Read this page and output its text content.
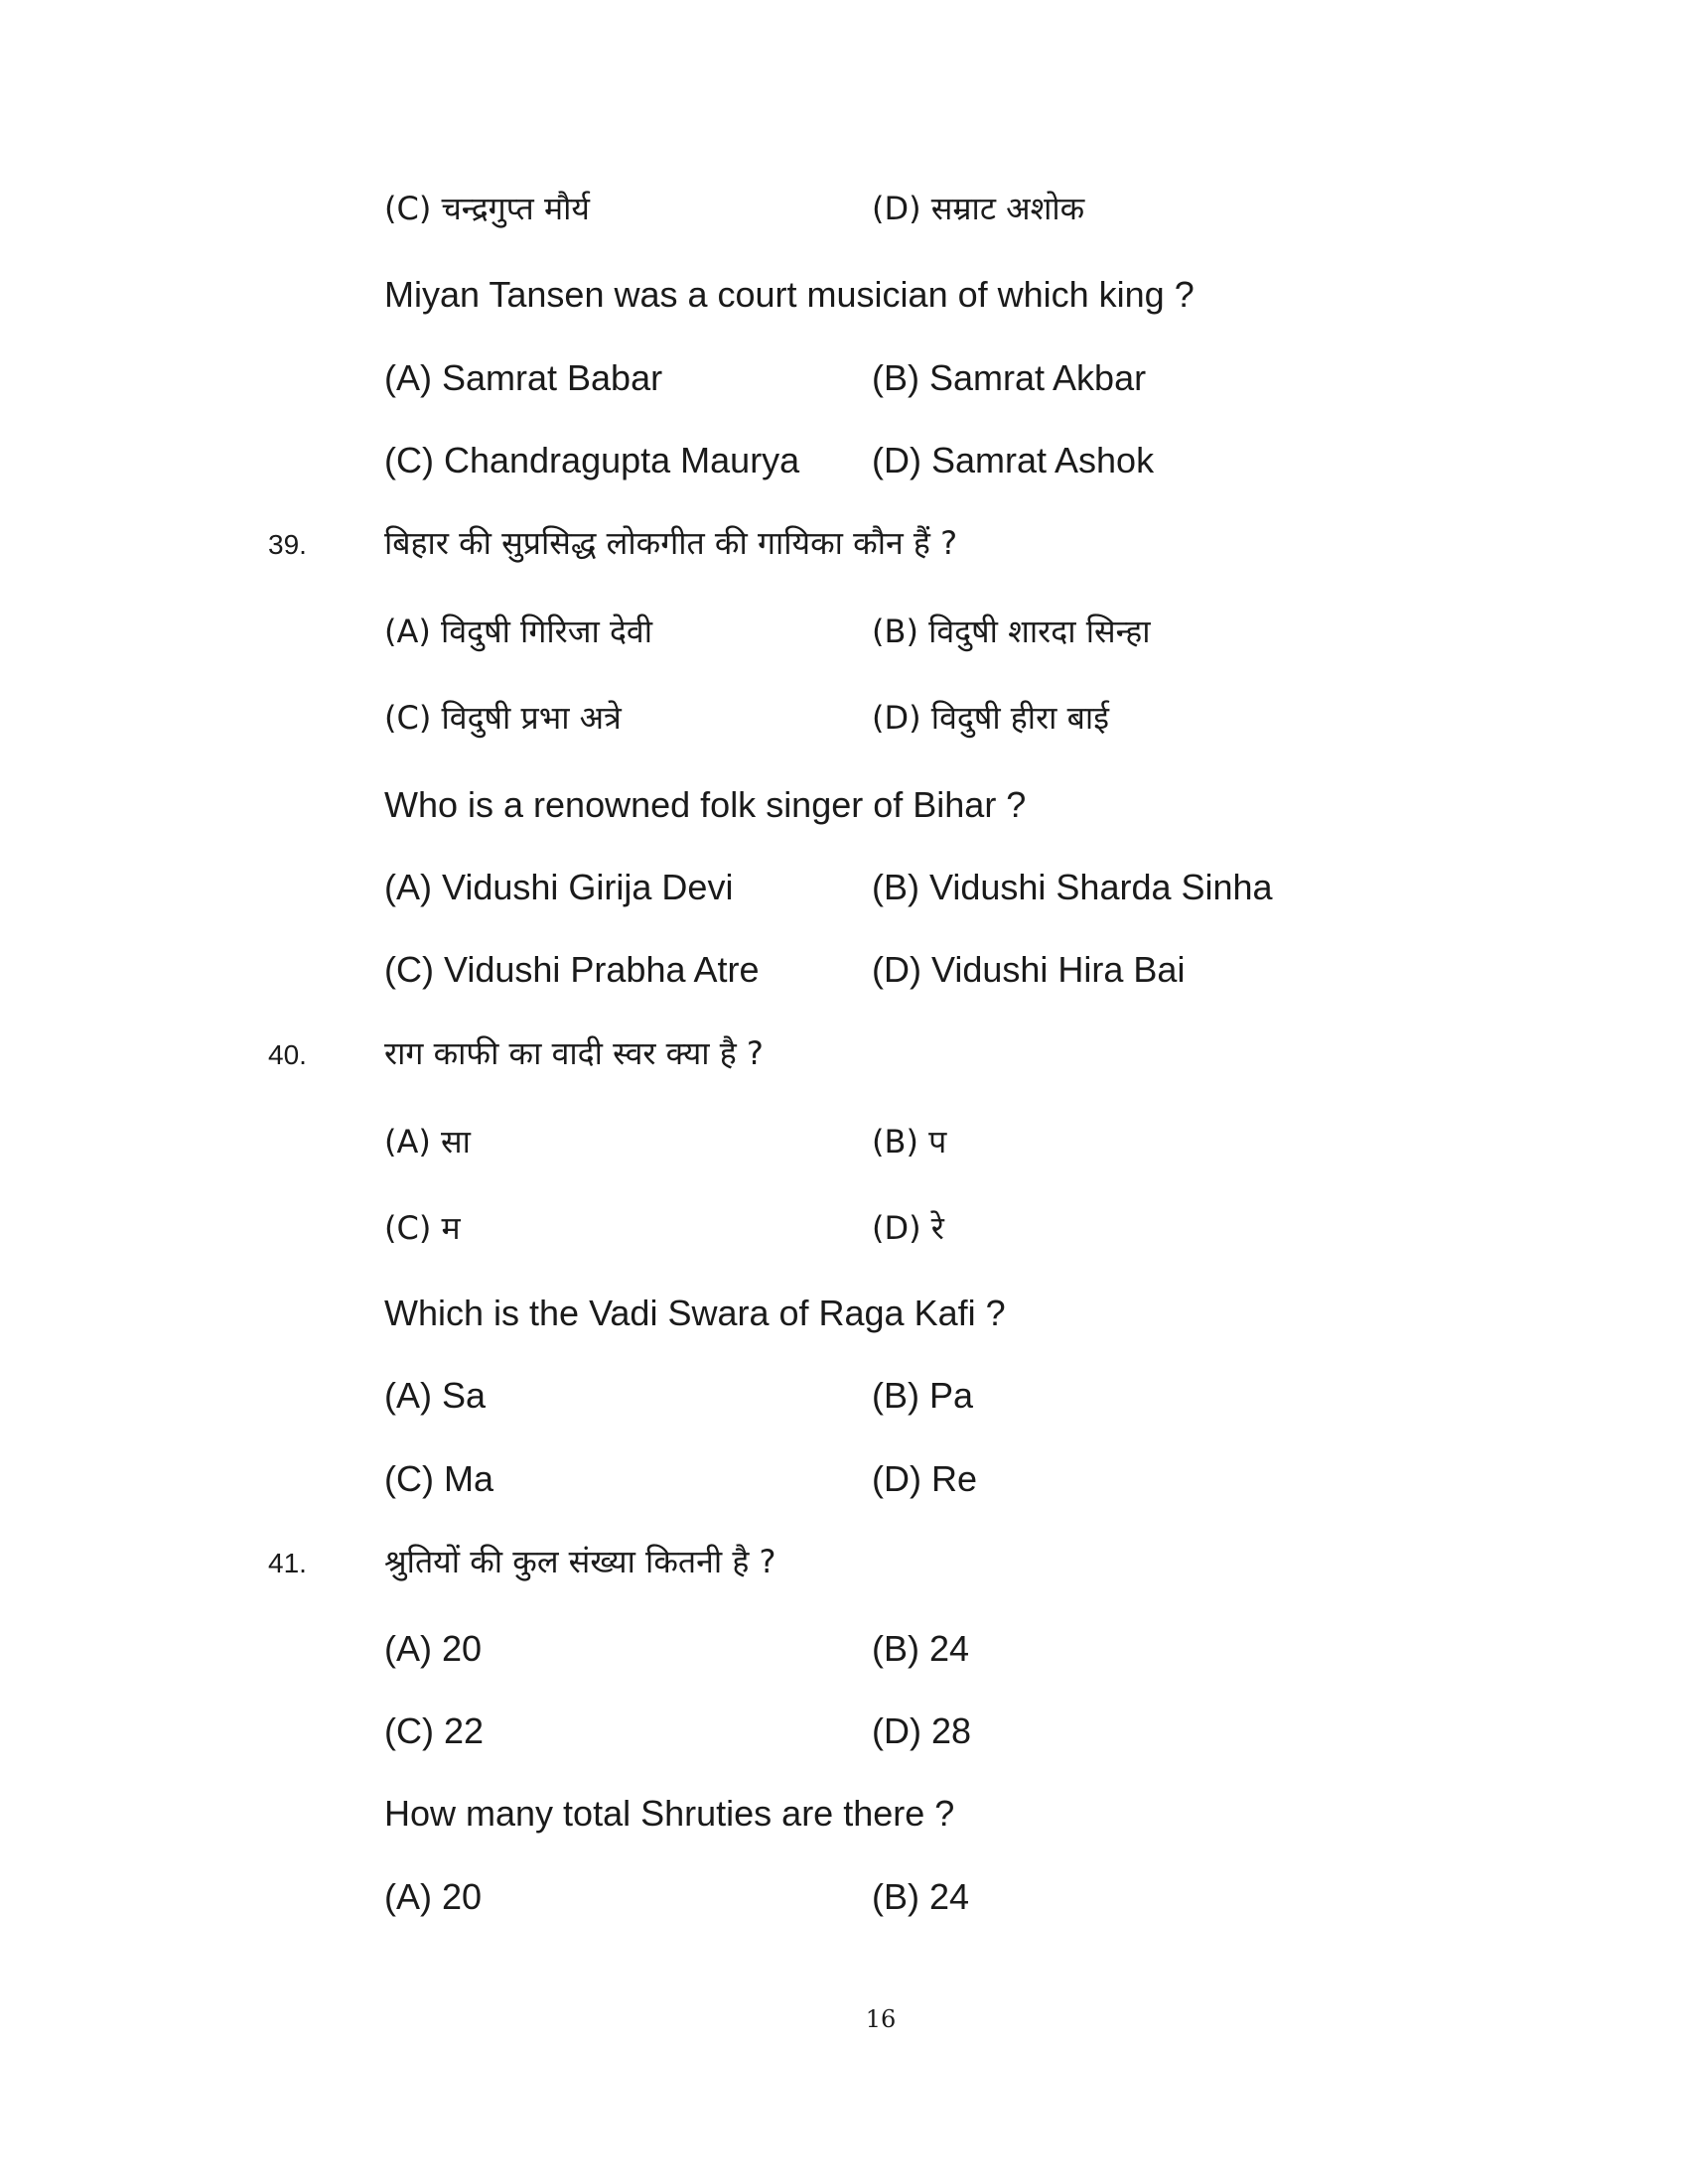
(C) चन्द्रगुप्त मौर्य	(D) सम्राट अशोक
Miyan Tansen was a court musician of which king ?
(A) Samrat Babar	(B) Samrat Akbar
(C) Chandragupta Maurya (D) Samrat Ashok
39. बिहार की सुप्रसिद्ध लोकगीत की गायिका कौन हैं ?
(A) विदुषी गिरिजा देवी	(B) विदुषी शारदा सिन्हा
(C) विदुषी प्रभा अत्रे	(D) विदुषी हीरा बाई
Who is a renowned folk singer of Bihar ?
(A) Vidushi Girija Devi	(B) Vidushi Sharda Sinha
(C) Vidushi Prabha Atre	(D) Vidushi Hira Bai
40. राग काफी का वादी स्वर क्या है ?
(A) सा	(B) प
(C) म	(D) रे
Which is the Vadi Swara of Raga Kafi ?
(A) Sa	(B) Pa
(C) Ma	(D) Re
41. श्रुतियों की कुल संख्या कितनी है ?
(A) 20	(B) 24
(C) 22	(D) 28
How many total Shruties are there ?
(A) 20	(B) 24
16
